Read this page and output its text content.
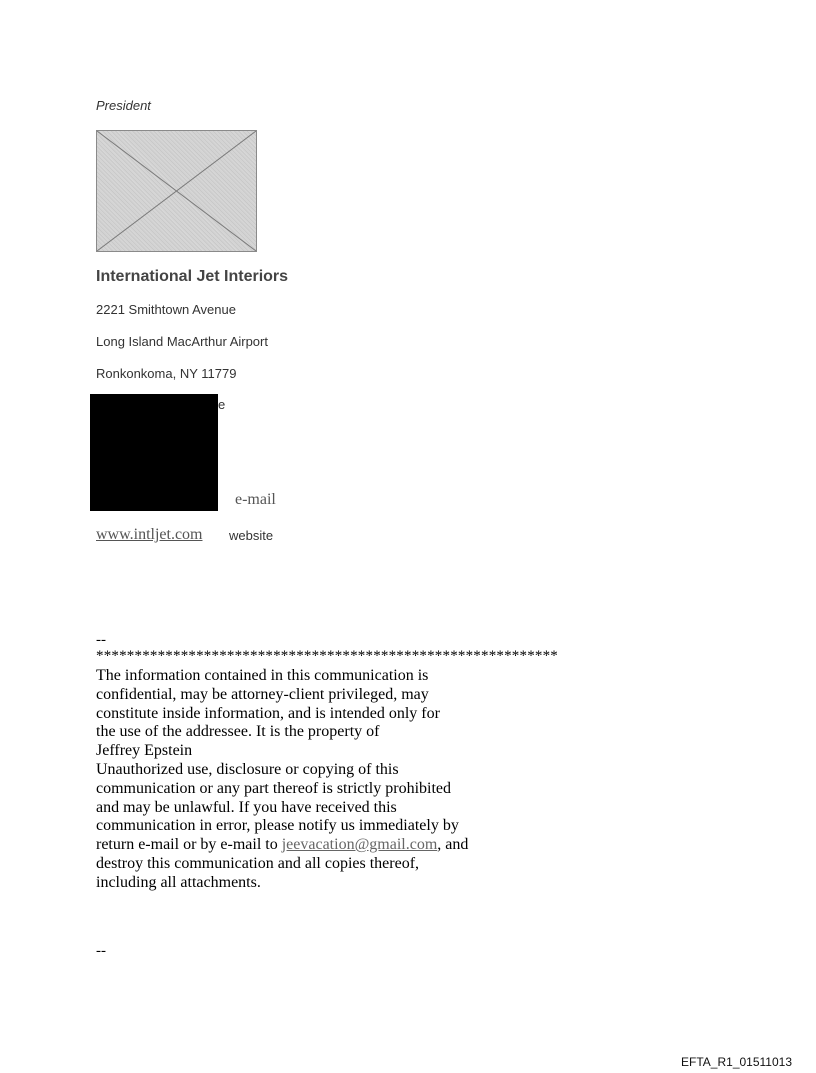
President
International Jet Interiors
2221 Smithtown Avenue
Long Island MacArthur Airport
Ronkonkoma, NY 11779
e
e-mail
www.intljet.com website
--
************************************************************
The information contained in this communication is
confidential, may be attorney-client privileged, may
constitute inside information, and is intended only for
the use of the addressee. It is the property of
Jeffrey Epstein
Unauthorized use, disclosure or copying of this
communication or any part thereof is strictly prohibited
and may be unlawful. If you have received this
communication in error, please notify us immediately by
return e-mail or by e-mail to jeevacation@gmail.com, and
destroy this communication and all copies thereof,
including all attachments.
--
EFTA_R1_01511013
